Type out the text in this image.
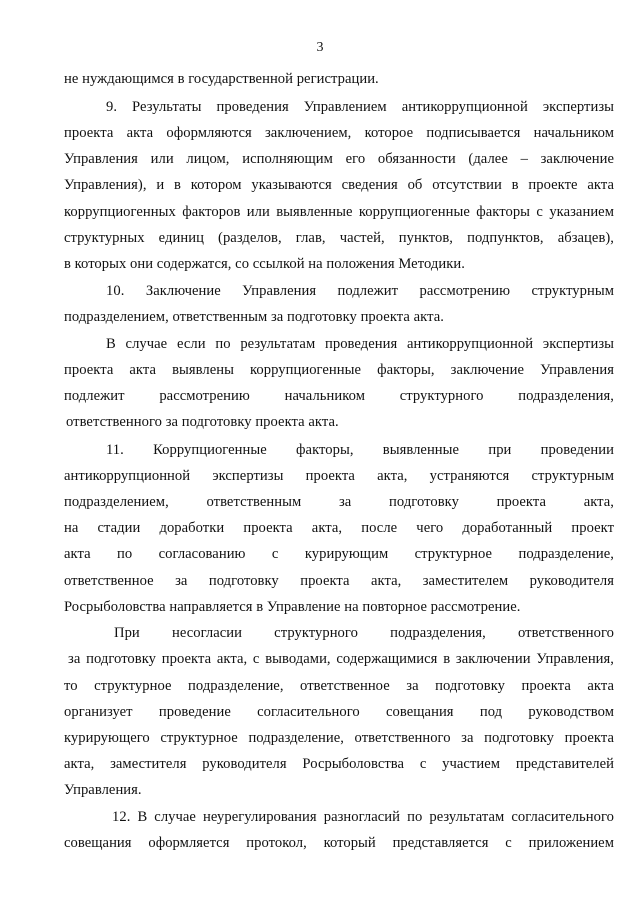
3
не нуждающимся в государственной регистрации.
9. Результаты проведения Управлением антикоррупционной экспертизы
проекта акта оформляются заключением, которое подписывается начальником
Управления или лицом, исполняющим его обязанности (далее – заключение
Управления), и в котором указываются сведения об отсутствии в проекте акта
коррупциогенных факторов или выявленные коррупциогенные факторы с указанием
структурных единиц (разделов, глав, частей, пунктов, подпунктов, абзацев),
в которых они содержатся, со ссылкой на положения Методики.
10. Заключение Управления подлежит рассмотрению структурным
подразделением, ответственным за подготовку проекта акта.
В случае если по результатам проведения антикоррупционной экспертизы
проекта акта выявлены коррупциогенные факторы, заключение Управления
подлежит рассмотрению начальником структурного подразделения,
ответственного за подготовку проекта акта.
11. Коррупциогенные факторы, выявленные при проведении
антикоррупционной экспертизы проекта акта, устраняются структурным
подразделением, ответственным за подготовку проекта акта,
на стадии доработки проекта акта, после чего доработанный проект
акта по согласованию с курирующим структурное подразделение,
ответственное за подготовку проекта акта, заместителем руководителя
Росрыболовства направляется в Управление на повторное рассмотрение.
При несогласии структурного подразделения, ответственного
за подготовку проекта акта, с выводами, содержащимися в заключении Управления,
то структурное подразделение, ответственное за подготовку проекта акта
организует проведение согласительного совещания под руководством
курирующего структурное подразделение, ответственного за подготовку проекта
акта, заместителя руководителя Росрыболовства с участием представителей
Управления.
12. В случае неурегулирования разногласий по результатам согласительного
совещания оформляется протокол, который представляется с приложением
